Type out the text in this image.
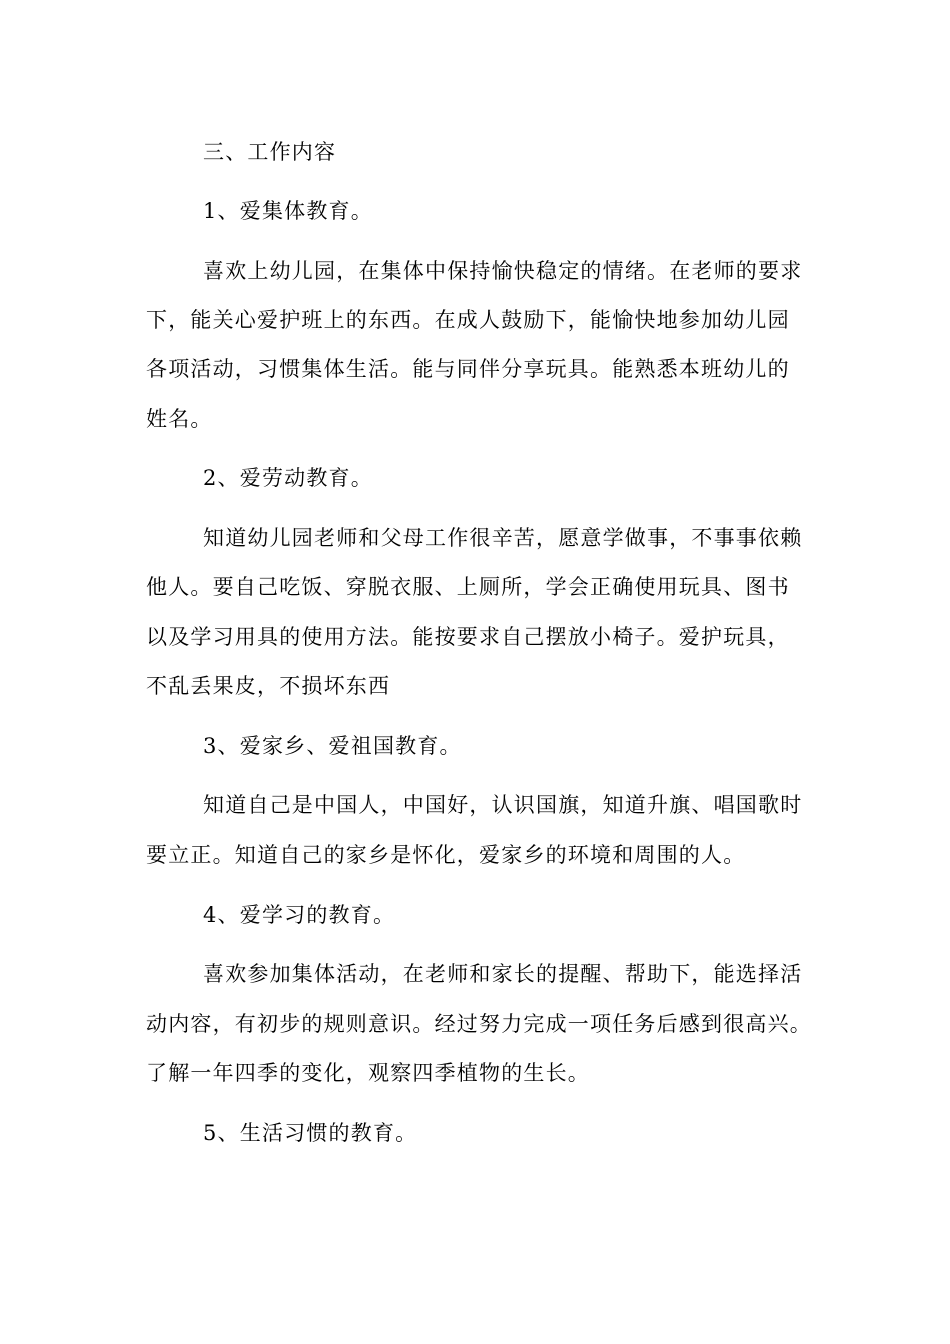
三、工作内容

1、爱集体教育。

喜欢上幼儿园，在集体中保持愉快稳定的情绪。在老师的要求

下，能关心爱护班上的东西。在成人鼓励下，能愉快地参加幼儿园

各项活动，习惯集体生活。能与同伴分享玩具。能熟悉本班幼儿的

姓名。

2、爱劳动教育。

知道幼儿园老师和父母工作很辛苦，愿意学做事，不事事依赖

他人。要自己吃饭、穿脱衣服、上厕所，学会正确使用玩具、图书

以及学习用具的使用方法。能按要求自己摆放小椅子。爱护玩具，

不乱丢果皮，不损坏东西

3、爱家乡、爱祖国教育。

知道自己是中国人，中国好，认识国旗，知道升旗、唱国歌时

要立正。知道自己的家乡是怀化，爱家乡的环境和周围的人。

4、爱学习的教育。

喜欢参加集体活动，在老师和家长的提醒、帮助下，能选择活

动内容，有初步的规则意识。经过努力完成一项任务后感到很高兴。

了解一年四季的变化，观察四季植物的生长。

5、生活习惯的教育。
